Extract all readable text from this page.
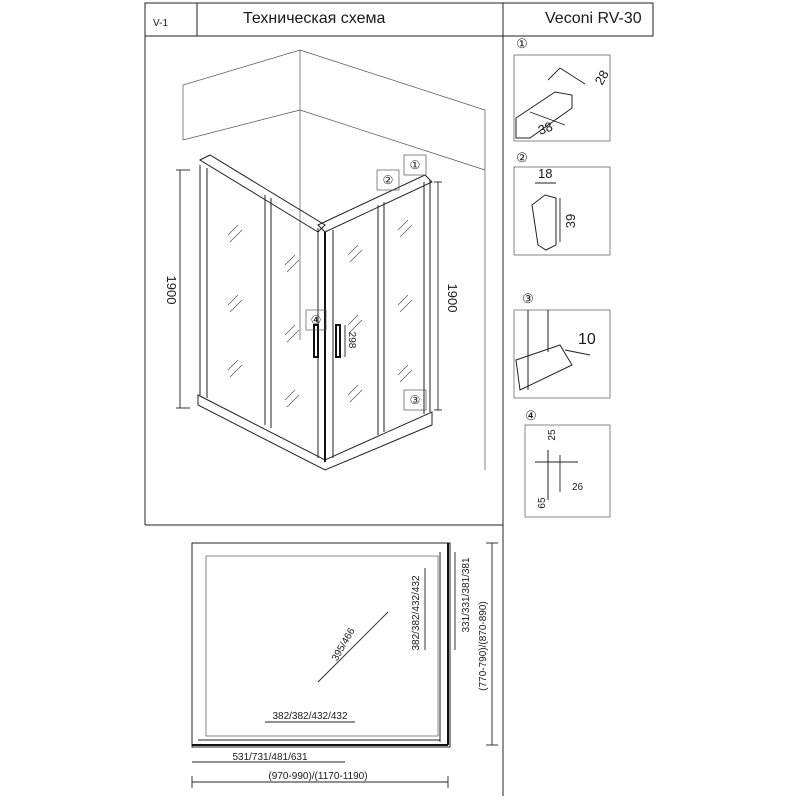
V-1	Техническая схема	Veconi RV-30
1900	1900
298
①
②
④
③
①
28
38
②
18
39
③
10
④
25
26
65
395/466	382/382/432/432	331/331/381/381
(770-790)/(870-890)
382/382/432/432
531/731/481/631
(970-990)/(1170-1190)
